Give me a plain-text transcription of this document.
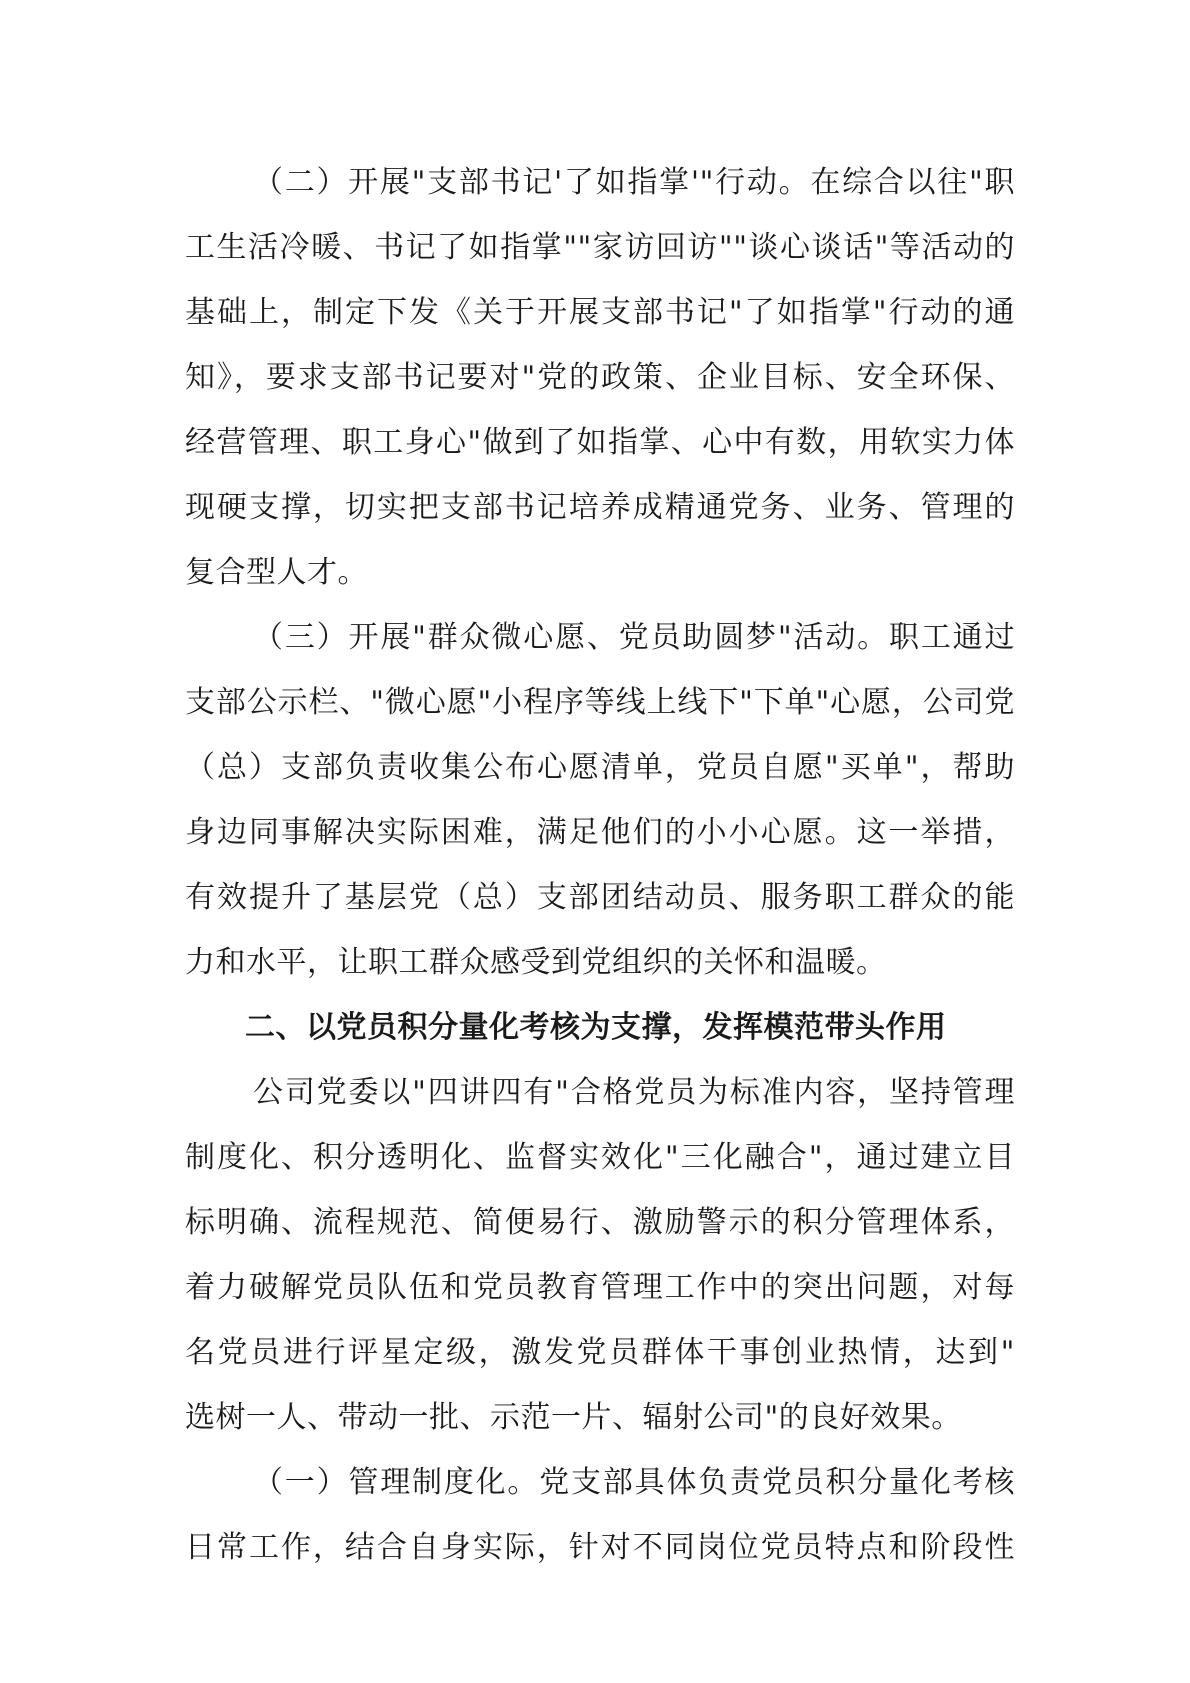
（二）开展"支部书记'了如指掌'"行动。在综合以往"职
工生活冷暖、书记了如指掌""家访回访""谈心谈话"等活动的
基础上，制定下发《关于开展支部书记"了如指掌"行动的通
知》，要求支部书记要对"党的政策、企业目标、安全环保、
经营管理、职工身心"做到了如指掌、心中有数，用软实力体
现硬支撑，切实把支部书记培养成精通党务、业务、管理的
复合型人才。
（三）开展"群众微心愿、党员助圆梦"活动。职工通过
支部公示栏、"微心愿"小程序等线上线下"下单"心愿，公司党
（总）支部负责收集公布心愿清单，党员自愿"买单"，帮助
身边同事解决实际困难，满足他们的小小心愿。这一举措，
有效提升了基层党（总）支部团结动员、服务职工群众的能
力和水平，让职工群众感受到党组织的关怀和温暖。
二、以党员积分量化考核为支撑，发挥模范带头作用
公司党委以"四讲四有"合格党员为标准内容，坚持管理
制度化、积分透明化、监督实效化"三化融合"，通过建立目
标明确、流程规范、简便易行、激励警示的积分管理体系，
着力破解党员队伍和党员教育管理工作中的突出问题，对每
名党员进行评星定级，激发党员群体干事创业热情，达到"
选树一人、带动一批、示范一片、辐射公司"的良好效果。
（一）管理制度化。党支部具体负责党员积分量化考核
日常工作，结合自身实际，针对不同岗位党员特点和阶段性
